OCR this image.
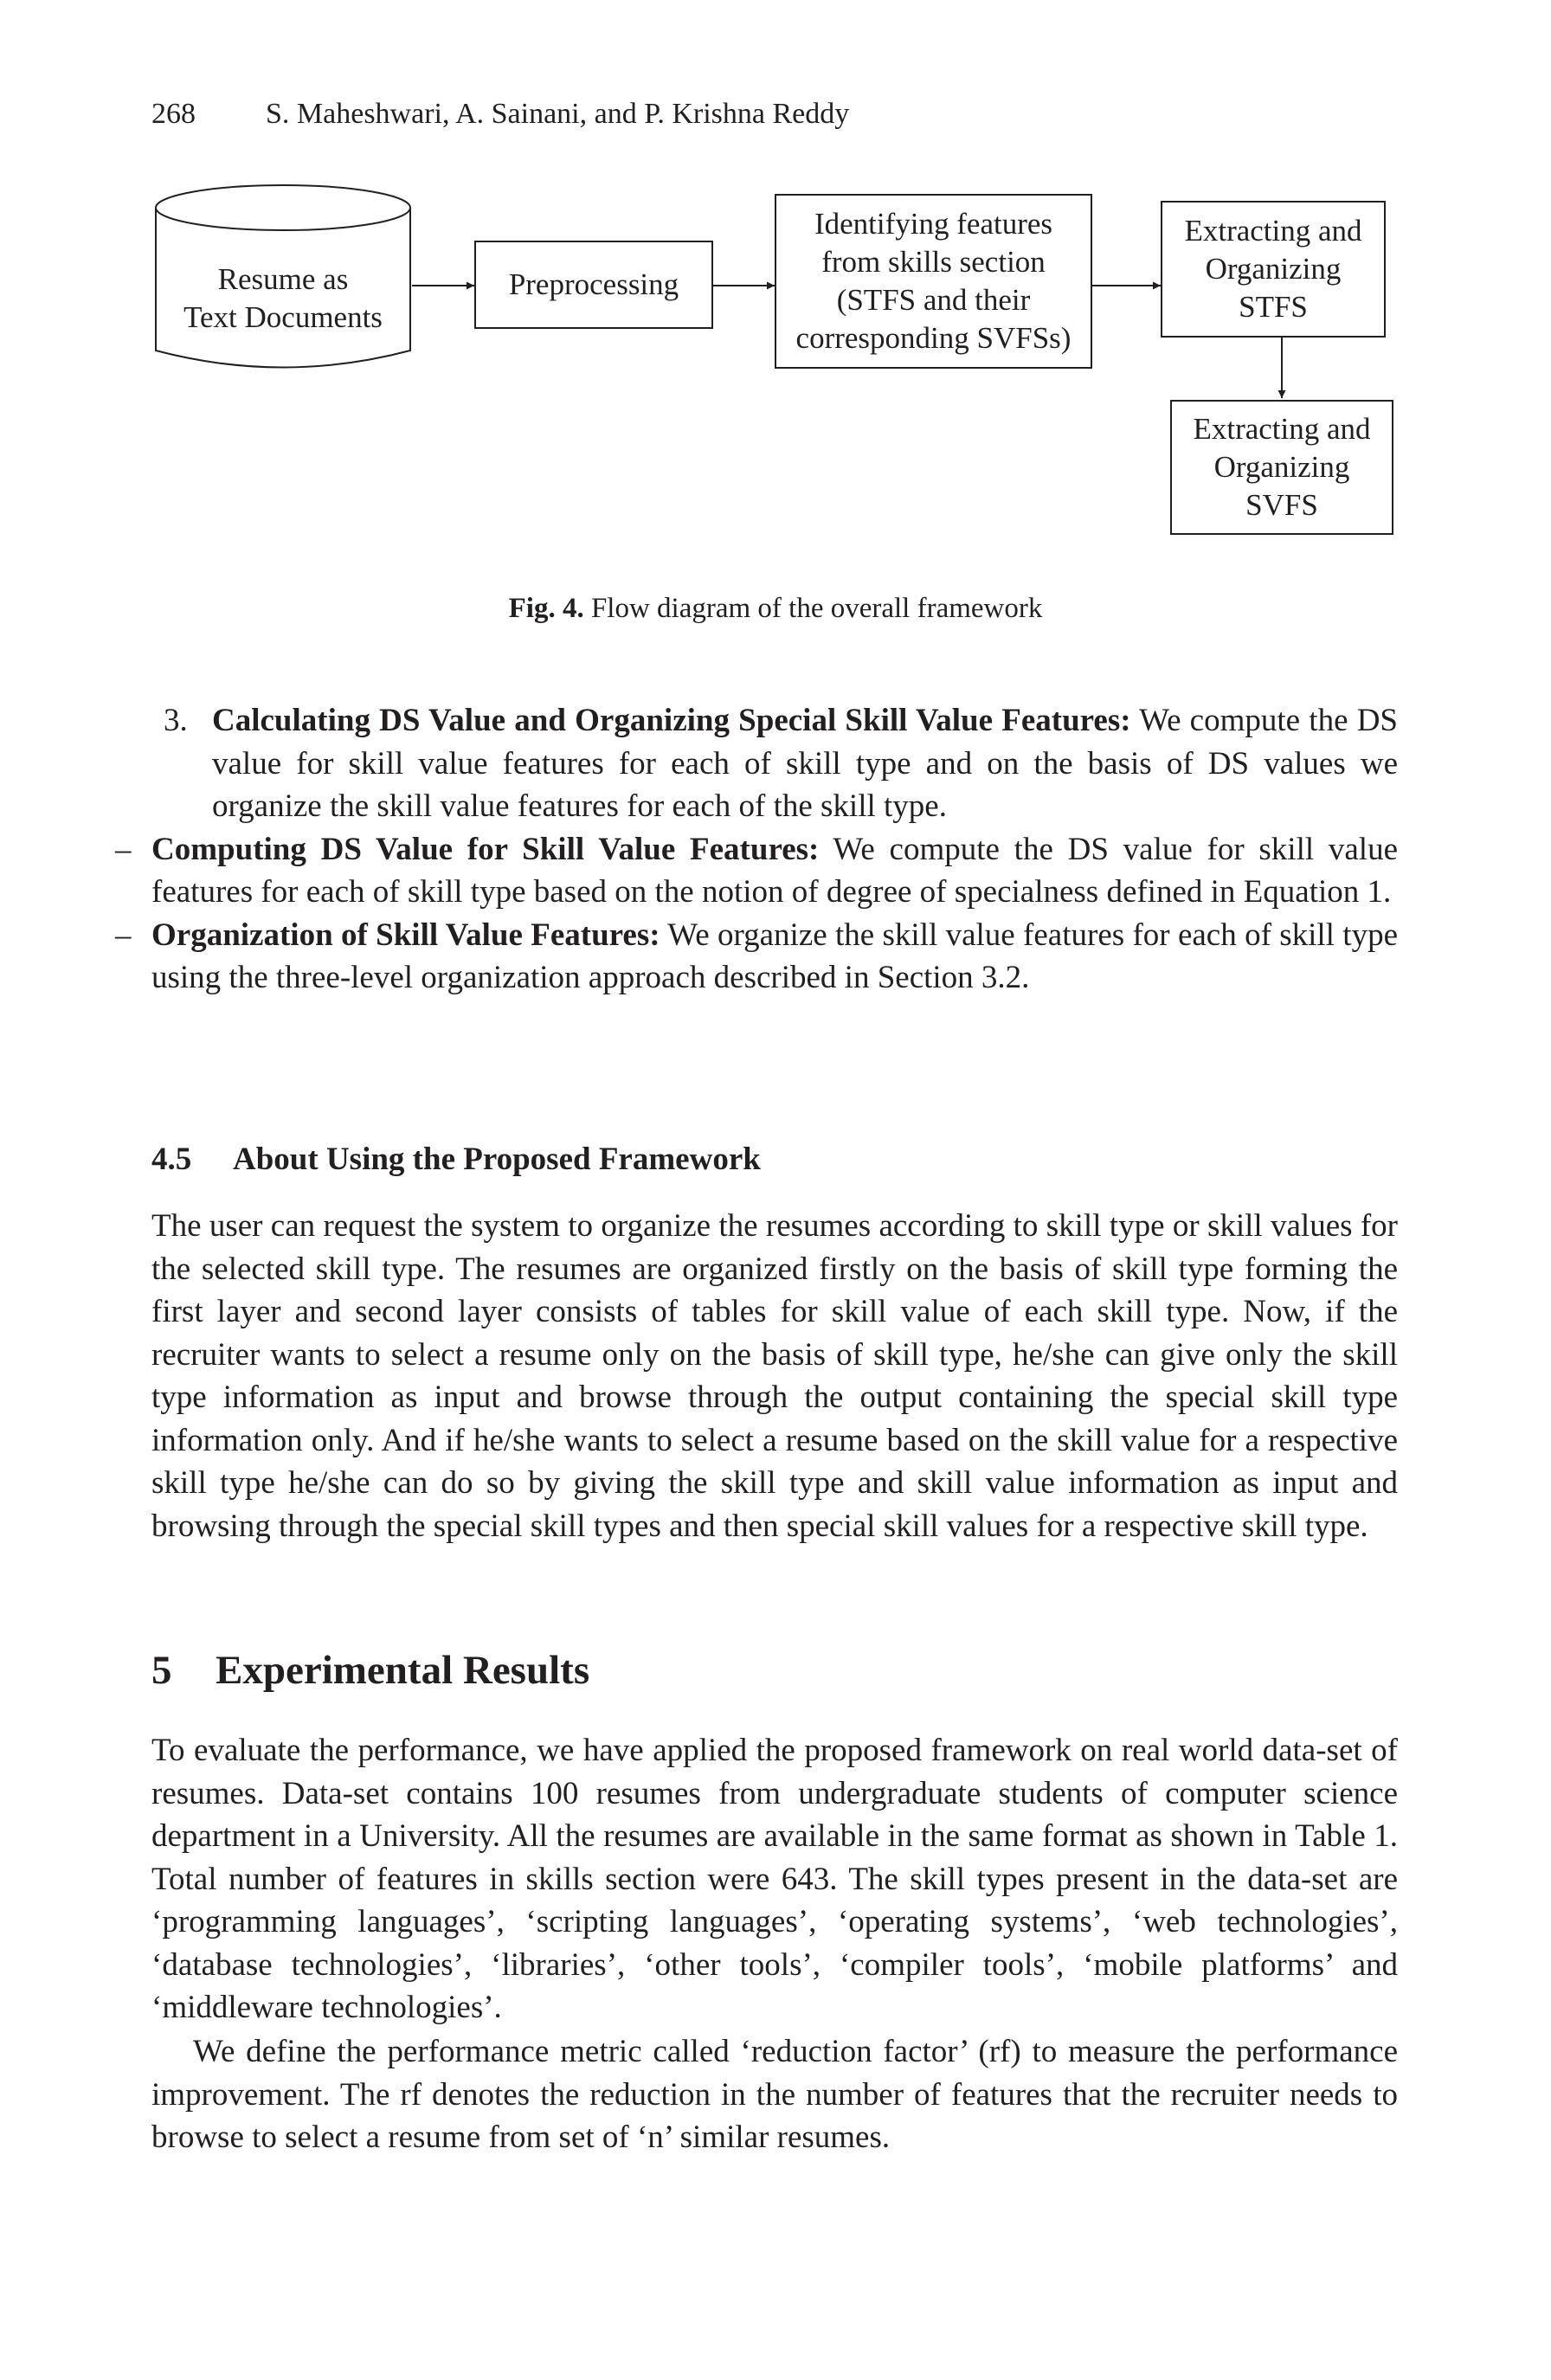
268 S. Maheshwari, A. Sainani, and P. Krishna Reddy
Resume as
Text Documents
Preprocessing
Identifying features
from skills section
(STFS and their
corresponding SVFSs)
Extracting and
Organizing
STFS
Extracting and
Organizing
SVFS
Fig. 4. Flow diagram of the overall framework
3. Calculating DS Value and Organizing Special Skill Value Features: We compute the DS value for skill value features for each of skill type and on the basis of DS values we organize the skill value features for each of the skill type.

– Computing DS Value for Skill Value Features: We compute the DS value for skill value features for each of skill type based on the notion of degree of specialness defined in Equation 1.

– Organization of Skill Value Features: We organize the skill value features for each of skill type using the three-level organization approach described in Section 3.2.

4.5 About Using the Proposed Framework

The user can request the system to organize the resumes according to skill type or skill values for the selected skill type. The resumes are organized firstly on the basis of skill type forming the first layer and second layer consists of tables for skill value of each skill type. Now, if the recruiter wants to select a resume only on the basis of skill type, he/she can give only the skill type information as input and browse through the output containing the special skill type information only. And if he/she wants to select a resume based on the skill value for a respective skill type he/she can do so by giving the skill type and skill value information as input and browsing through the special skill types and then special skill values for a respective skill type.

5 Experimental Results

To evaluate the performance, we have applied the proposed framework on real world data-set of resumes. Data-set contains 100 resumes from undergraduate students of computer science department in a University. All the resumes are available in the same format as shown in Table 1. Total number of features in skills section were 643. The skill types present in the data-set are ‘programming languages’, ‘scripting languages’, ‘operating systems’, ‘web technologies’, ‘database technologies’, ‘libraries’, ‘other tools’, ‘compiler tools’, ‘mobile platforms’ and ‘middleware technologies’.

We define the performance metric called ‘reduction factor’ (rf) to measure the performance improvement. The rf denotes the reduction in the number of features that the recruiter needs to browse to select a resume from set of ‘n’ similar resumes.
